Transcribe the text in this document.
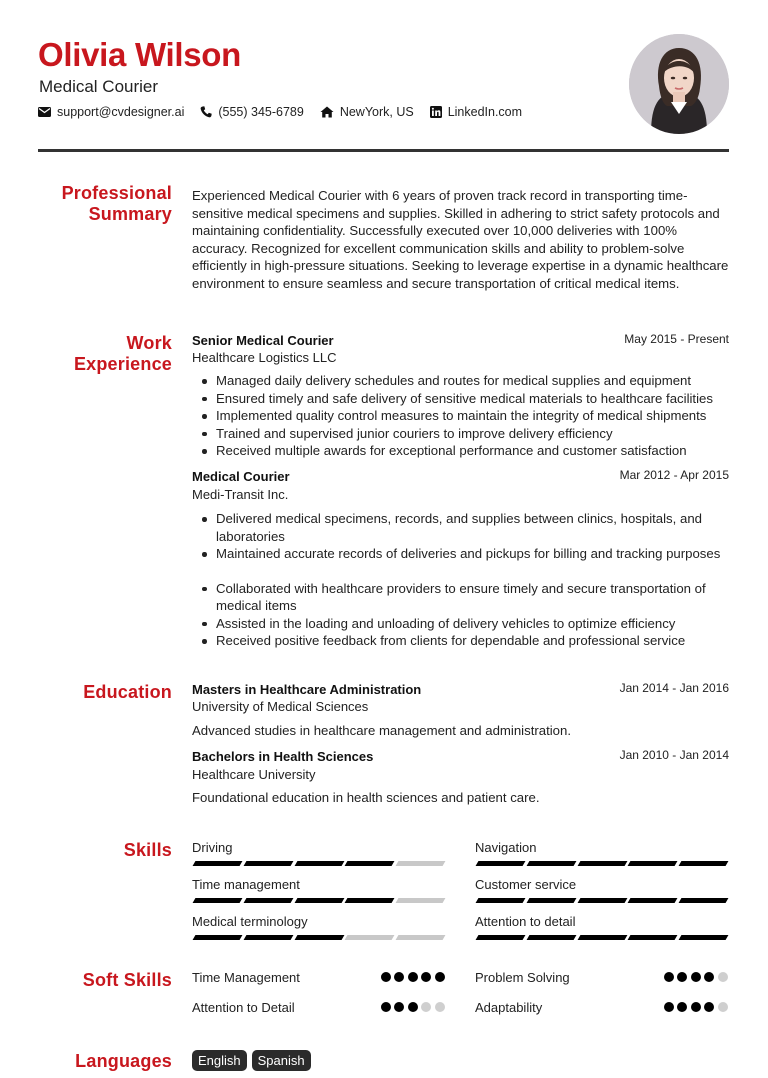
Olivia Wilson
Medical Courier
support@cvdesigner.ai	(555) 345-6789	NewYork, US	LinkedIn.com
Professional
Summary
Experienced Medical Courier with 6 years of proven track record in transporting time-sensitive medical specimens and supplies. Skilled in adhering to strict safety protocols and maintaining confidentiality. Successfully executed over 10,000 deliveries with 100% accuracy. Recognized for excellent communication skills and ability to problem-solve efficiently in high-pressure situations. Seeking to leverage expertise in a dynamic healthcare environment to ensure seamless and secure transportation of critical medical items.
Work
Experience
Senior Medical Courier	May 2015 - Present
Healthcare Logistics LLC
Managed daily delivery schedules and routes for medical supplies and equipment
Ensured timely and safe delivery of sensitive medical materials to healthcare facilities
Implemented quality control measures to maintain the integrity of medical shipments
Trained and supervised junior couriers to improve delivery efficiency
Received multiple awards for exceptional performance and customer satisfaction
Medical Courier	Mar 2012 - Apr 2015
Medi-Transit Inc.
Delivered medical specimens, records, and supplies between clinics, hospitals, and laboratories
Maintained accurate records of deliveries and pickups for billing and tracking purposes
Collaborated with healthcare providers to ensure timely and secure transportation of medical items
Assisted in the loading and unloading of delivery vehicles to optimize efficiency
Received positive feedback from clients for dependable and professional service
Education Masters in Healthcare Administration	Jan 2014 - Jan 2016
University of Medical Sciences
Advanced studies in healthcare management and administration.
Bachelors in Health Sciences	Jan 2010 - Jan 2014
Healthcare University
Foundational education in health sciences and patient care.
Skills Driving	Navigation
Time management	Customer service
Medical terminology	Attention to detail
Soft Skills Time Management	Problem Solving
Attention to Detail	Adaptability
Languages	English	Spanish
